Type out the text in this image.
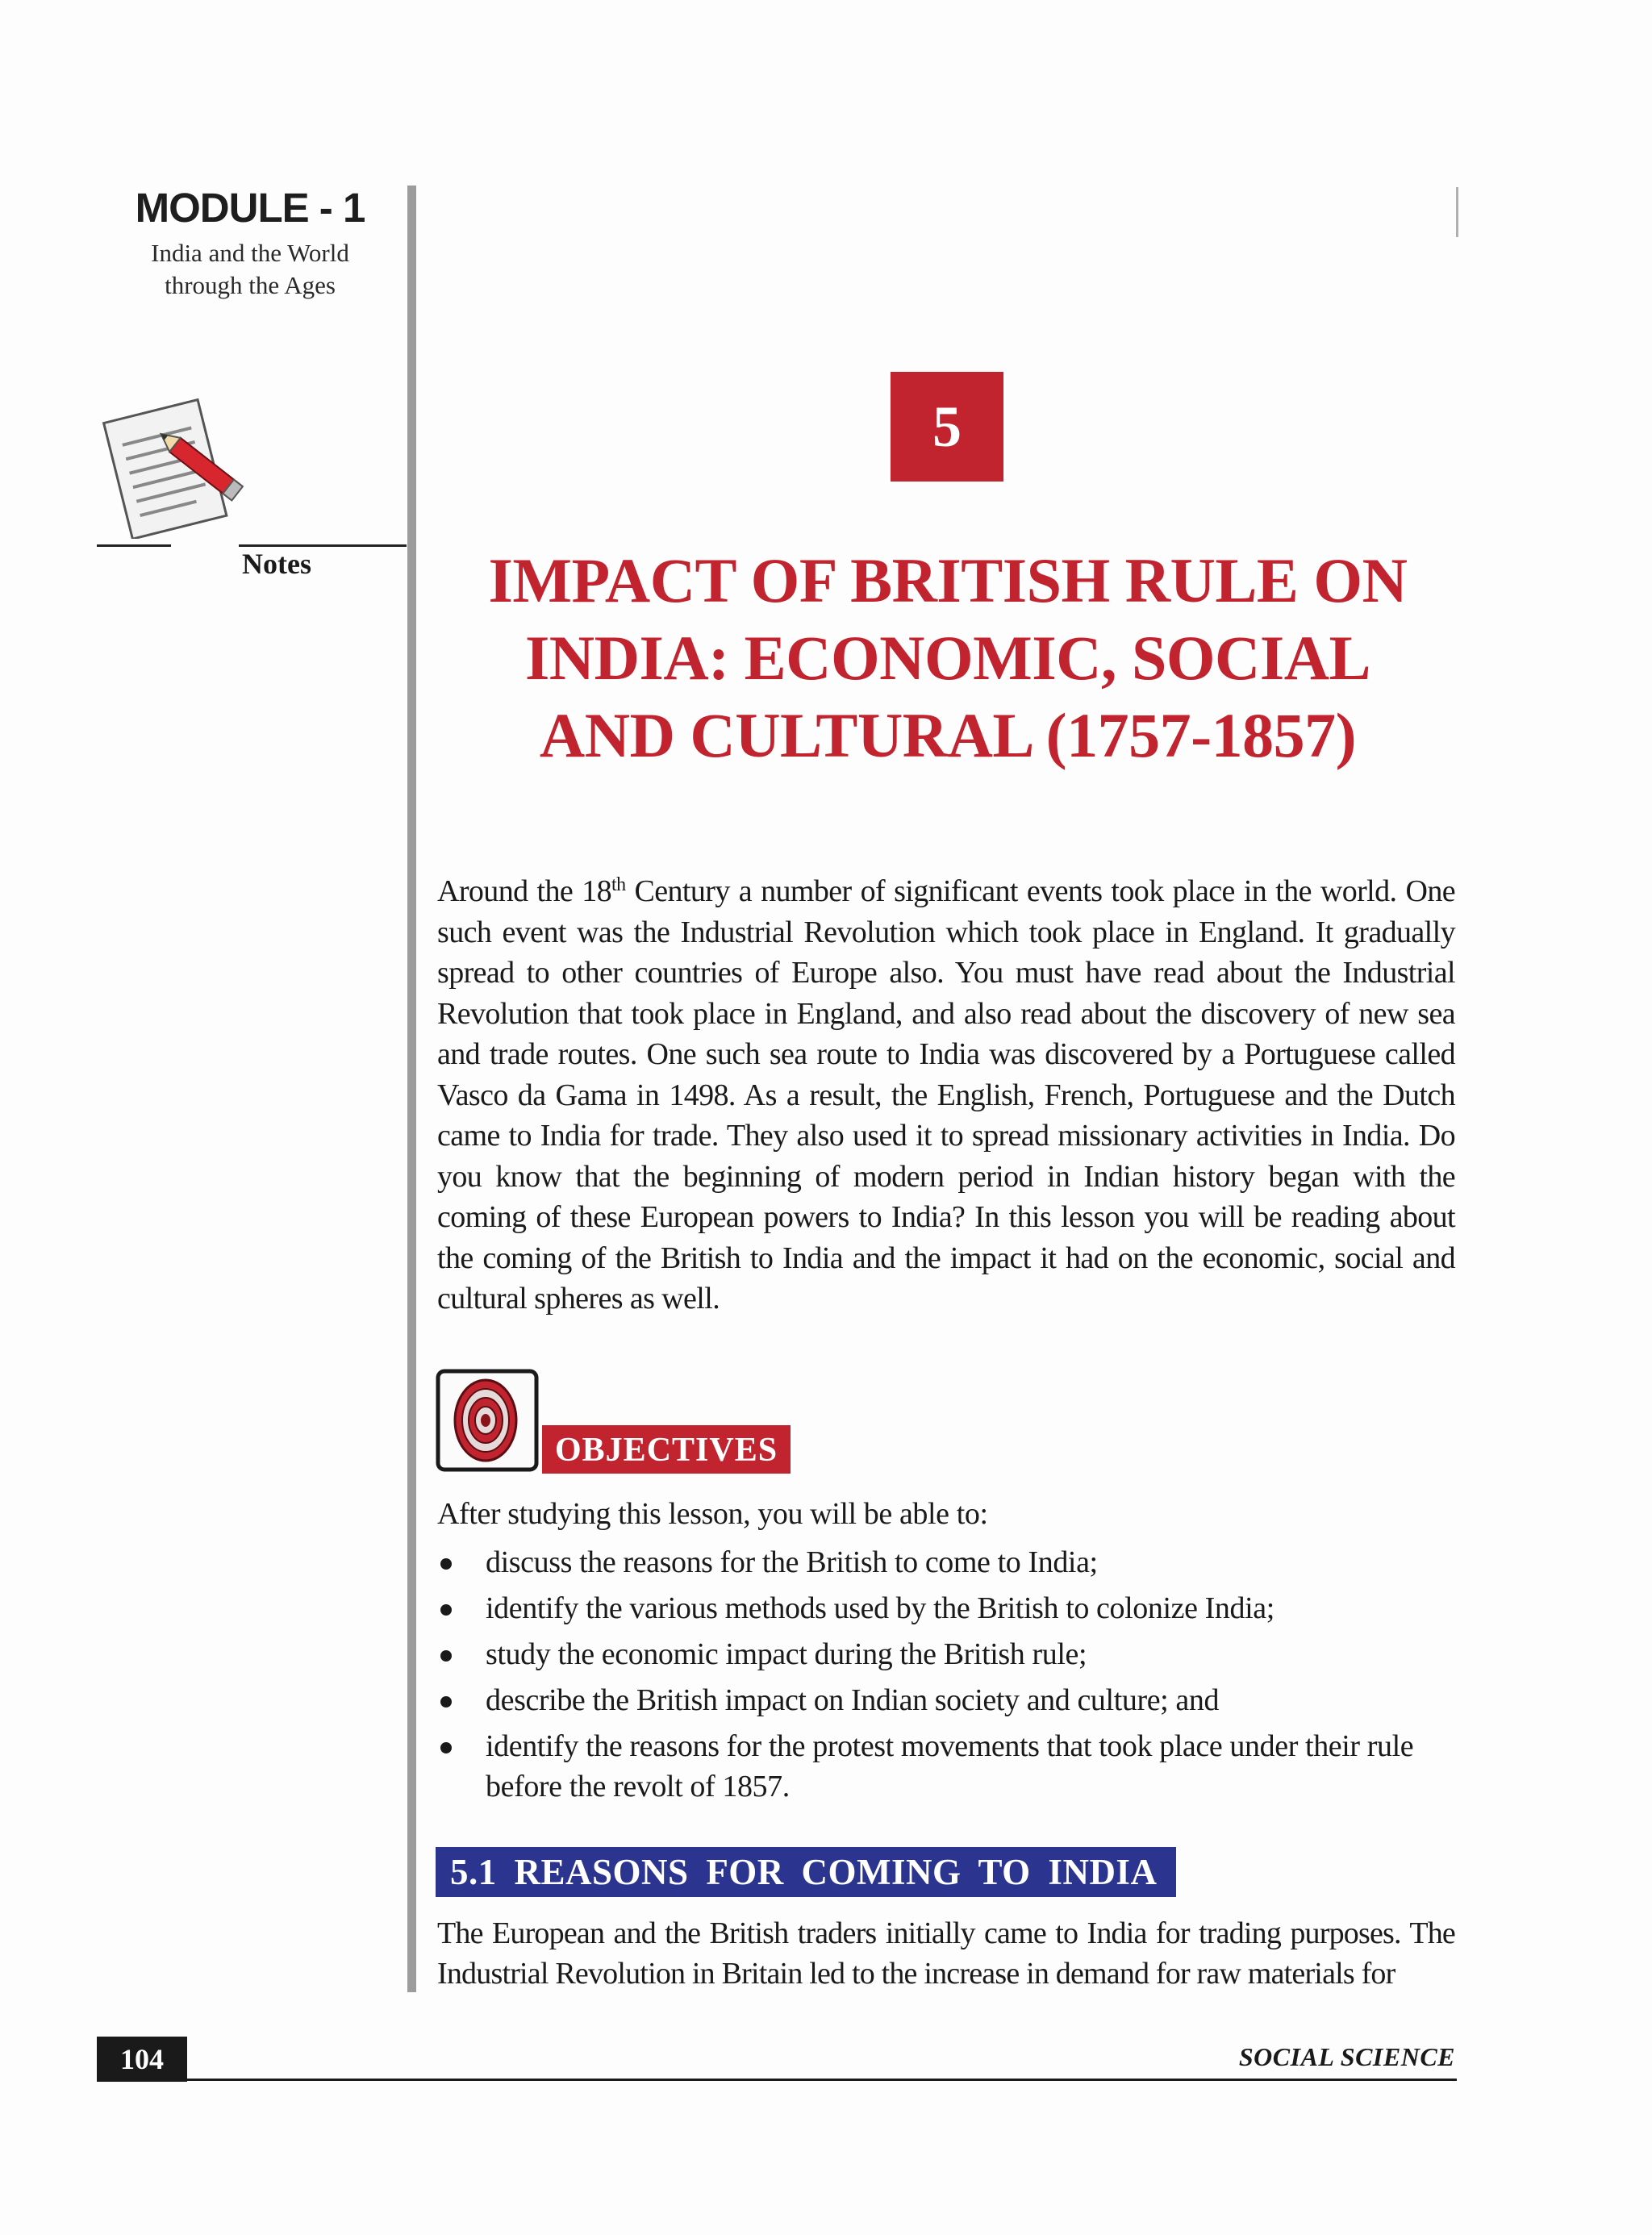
MODULE - 1
India and the World
through the Ages
Notes
5
IMPACT OF BRITISH RULE ON
INDIA: ECONOMIC, SOCIAL
AND CULTURAL (1757-1857)

Around the 18th Century a number of significant events took place in the world. One such event was the Industrial Revolution which took place in England. It gradually spread to other countries of Europe also. You must have read about the Industrial Revolution that took place in England, and also read about the discovery of new sea and trade routes. One such sea route to India was discovered by a Portuguese called Vasco da Gama in 1498. As a result, the English, French, Portuguese and the Dutch came to India for trade. They also used it to spread missionary activities in India. Do you know that the beginning of modern period in Indian history began with the coming of these European powers to India? In this lesson you will be reading about the coming of the British to India and the impact it had on the economic, social and cultural spheres as well.

OBJECTIVES

After studying this lesson, you will be able to:

discuss the reasons for the British to come to India;
identify the various methods used by the British to colonize India;
study the economic impact during the British rule;
describe the British impact on Indian society and culture; and
identify the reasons for the protest movements that took place under their rule before the revolt of 1857.
5.1 REASONS FOR COMING TO INDIA

The European and the British traders initially came to India for trading purposes. The Industrial Revolution in Britain led to the increase in demand for raw materials for

104	SOCIAL SCIENCE
